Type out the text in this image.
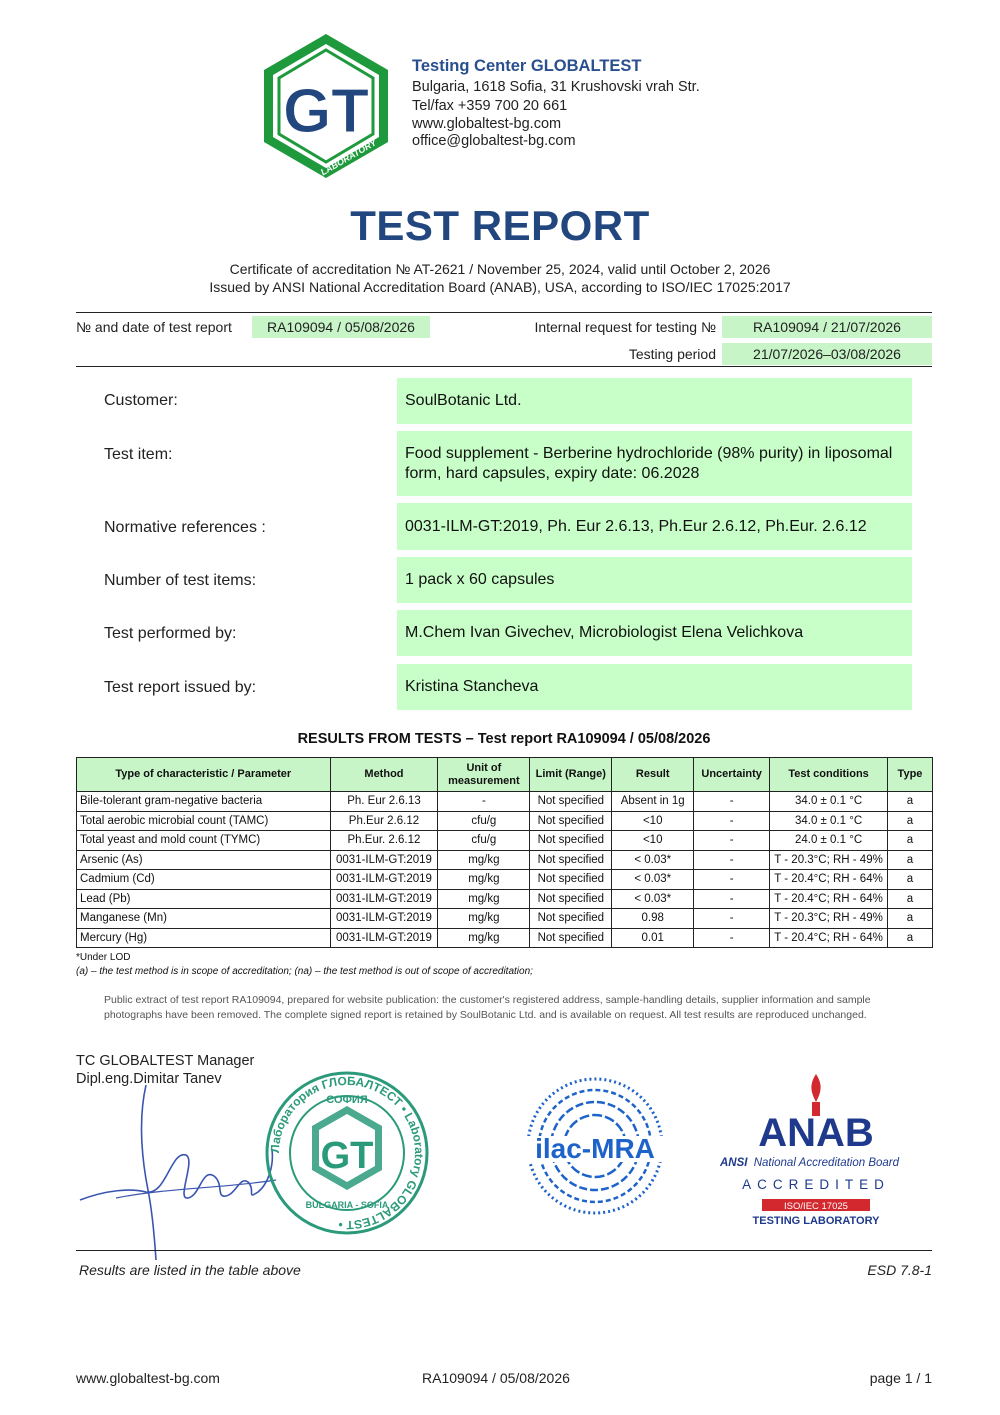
GT
LABORATORY
Testing Center GLOBALTEST
Bulgaria, 1618 Sofia, 31 Krushovski vrah Str.
Tel/fax +359 700 20 661
www.globaltest-bg.com
office@globaltest-bg.com
TEST REPORT
Certificate of accreditation № AT-2621 / November 25, 2024, valid until October 2, 2026
Issued by ANSI National Accreditation Board (ANAB), USA, according to ISO/IEC 17025:2017
№ and date of test report	RA109094 / 05/08/2026	Internal request for testing №	RA109094 / 21/07/2026
Testing period	21/07/2026–03/08/2026
Customer:	SoulBotanic Ltd.
Test item:	Food supplement - Berberine hydrochloride (98% purity) in liposomal form, hard capsules, expiry date: 06.2028
Normative references :	0031-ILM-GT:2019, Ph. Eur 2.6.13, Ph.Eur 2.6.12, Ph.Eur. 2.6.12
Number of test items:	1 pack x 60 capsules
Test performed by:	M.Chem Ivan Givechev, Microbiologist Elena Velichkova
Test report issued by:	Kristina Stancheva
RESULTS FROM TESTS – Test report RA109094 / 05/08/2026
Type of characteristic / Parameter	Method	Unit of measurement	Limit (Range)	Result	Uncertainty	Test conditions	Type
Bile-tolerant gram-negative bacteria	Ph. Eur 2.6.13	-	Not specified	Absent in 1g	-	34.0 ± 0.1 °C	a
Total aerobic microbial count (TAMC)	Ph.Eur 2.6.12	cfu/g	Not specified	<10	-	34.0 ± 0.1 °C	a
Total yeast and mold count (TYMC)	Ph.Eur. 2.6.12	cfu/g	Not specified	<10	-	24.0 ± 0.1 °C	a
Arsenic (As)	0031-ILM-GT:2019	mg/kg	Not specified	< 0.03*	-	T - 20.3°C; RH - 49%	a
Cadmium (Cd)	0031-ILM-GT:2019	mg/kg	Not specified	< 0.03*	-	T - 20.4°C; RH - 64%	a
Lead (Pb)	0031-ILM-GT:2019	mg/kg	Not specified	< 0.03*	-	T - 20.4°C; RH - 64%	a
Manganese (Mn)	0031-ILM-GT:2019	mg/kg	Not specified	0.98	-	T - 20.3°C; RH - 49%	a
Mercury (Hg)	0031-ILM-GT:2019	mg/kg	Not specified	0.01	-	T - 20.4°C; RH - 64%	a
*Under LOD
(a) – the test method is in scope of accreditation; (na) – the test method is out of scope of accreditation;
Public extract of test report RA109094, prepared for website publication: the customer's registered address, sample-handling details, supplier information and sample photographs have been removed. The complete signed report is retained by SoulBotanic Ltd. and is available on request. All test results are reproduced unchanged.
TC GLOBALTEST Manager
Dipl.eng.Dimitar Tanev
Лаборатория ГЛОБАЛТЕСТ • Laboratory GLOBALTEST •
GT
СОФИЯ
BULGARIA - SOFIA
ilac-MRA	ANAB
ANSI National Accreditation Board
ACCREDITED
ISO/IEC 17025
TESTING LABORATORY
Results are listed in the table above	ESD 7.8-1
www.globaltest-bg.com	RA109094 / 05/08/2026	page 1 / 1
